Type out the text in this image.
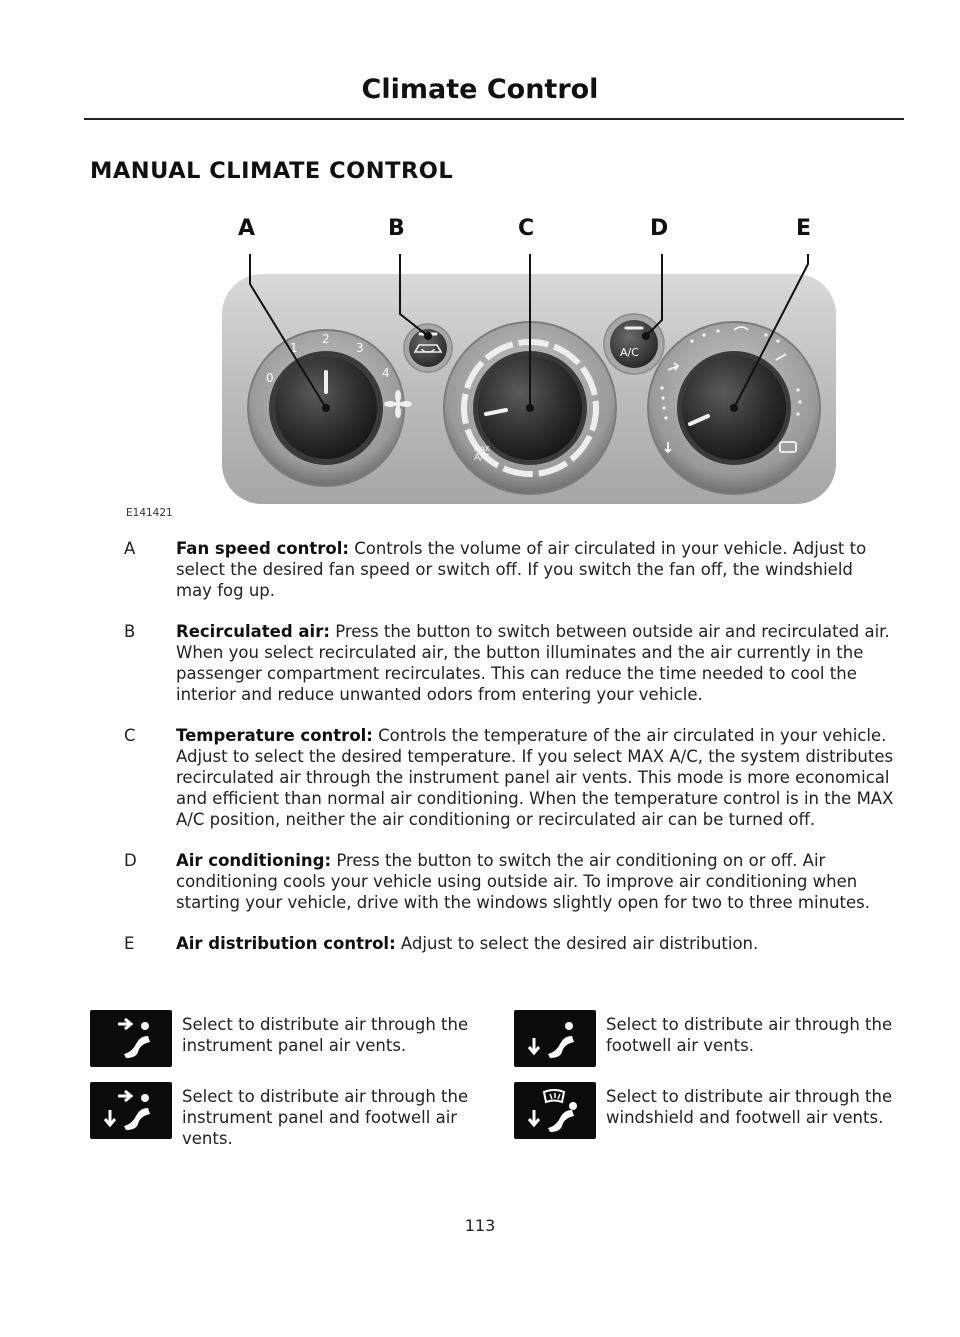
Climate Control
MANUAL CLIMATE CONTROL
0
1
2
3
4
MAX
A/C
A/C
A	B	C	D	E
E141421
A Fan speed control: Controls the volume of air circulated in your vehicle. Adjust to select the desired fan speed or switch off. If you switch the fan off, the windshield may fog up.
B Recirculated air: Press the button to switch between outside air and recirculated air. When you select recirculated air, the button illuminates and the air currently in the passenger compartment recirculates. This can reduce the time needed to cool the interior and reduce unwanted odors from entering your vehicle.
C Temperature control: Controls the temperature of the air circulated in your vehicle. Adjust to select the desired temperature. If you select MAX A/C, the system distributes recirculated air through the instrument panel air vents. This mode is more economical and efficient than normal air conditioning. When the temperature control is in the MAX A/C position, neither the air conditioning or recirculated air can be turned off.
D Air conditioning: Press the button to switch the air conditioning on or off. Air conditioning cools your vehicle using outside air. To improve air conditioning when starting your vehicle, drive with the windows slightly open for two to three minutes.
E	Air distribution control: Adjust to select the desired air distribution.
Select to distribute air through the instrument panel air vents.
Select to distribute air through the footwell air vents.
Select to distribute air through the instrument panel and footwell air vents.
Select to distribute air through the windshield and footwell air vents.
113
